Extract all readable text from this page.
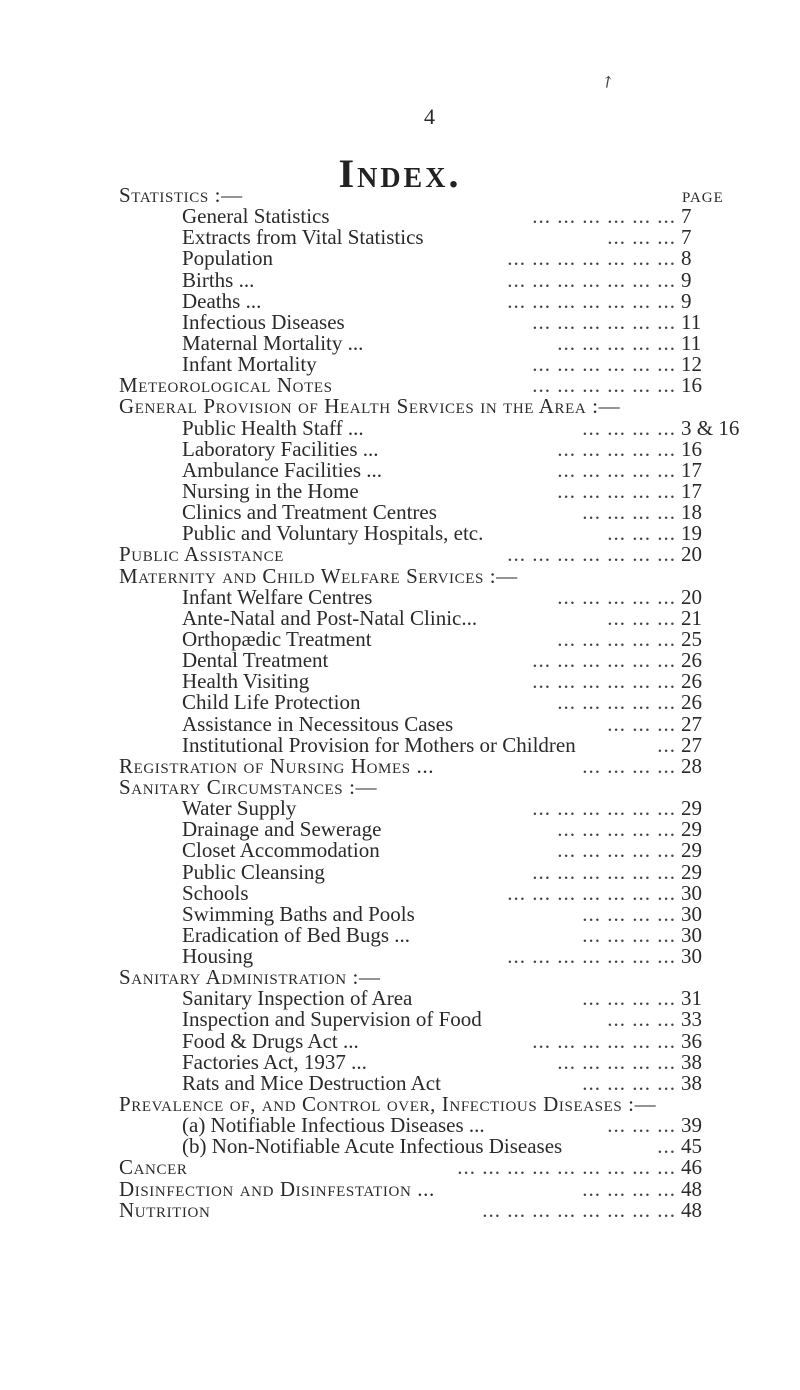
4
↗
Index.	page
Statistics :—
General Statistics	... ... ... ... ... ... 7
Extracts from Vital Statistics	... ... ... 7
Population	... ... ... ... ... ... ... 8
Births ...	... ... ... ... ... ... ... 9
Deaths ...	... ... ... ... ... ... ... 9
Infectious Diseases	... ... ... ... ... ... 11
Maternal Mortality ...	... ... ... ... ... 11
Infant Mortality	... ... ... ... ... ... 12
Meteorological Notes	... ... ... ... ... ... 16
General Provision of Health Services in the Area :—
Public Health Staff ...	... ... ... ... 3 & 16
Laboratory Facilities ...	... ... ... ... ... 16
Ambulance Facilities ...	... ... ... ... ... 17
Nursing in the Home	... ... ... ... ... 17
Clinics and Treatment Centres	... ... ... ... 18
Public and Voluntary Hospitals, etc.	... ... ... 19
Public Assistance	... ... ... ... ... ... ... 20
Maternity and Child Welfare Services :—
Infant Welfare Centres	... ... ... ... ... 20
Ante-Natal and Post-Natal Clinic...	... ... ... 21
Orthopædic Treatment	... ... ... ... ... 25
Dental Treatment	... ... ... ... ... ... 26
Health Visiting	... ... ... ... ... ... 26
Child Life Protection	... ... ... ... ... 26
Assistance in Necessitous Cases	... ... ... 27
Institutional Provision for Mothers or Children	... 27
Registration of Nursing Homes ...	... ... ... ... 28
Sanitary Circumstances :—
Water Supply	... ... ... ... ... ... 29
Drainage and Sewerage	... ... ... ... ... 29
Closet Accommodation	... ... ... ... ... 29
Public Cleansing	... ... ... ... ... ... 29
Schools	... ... ... ... ... ... ... 30
Swimming Baths and Pools	... ... ... ... 30
Eradication of Bed Bugs ...	... ... ... ... 30
Housing	... ... ... ... ... ... ... 30
Sanitary Administration :—
Sanitary Inspection of Area	... ... ... ... 31
Inspection and Supervision of Food	... ... ... 33
Food & Drugs Act ...	... ... ... ... ... ... 36
Factories Act, 1937 ...	... ... ... ... ... 38
Rats and Mice Destruction Act	... ... ... ... 38
Prevalence of, and Control over, Infectious Diseases :—
(a) Notifiable Infectious Diseases ...	... ... ... 39
(b) Non-Notifiable Acute Infectious Diseases	... 45
Cancer	... ... ... ... ... ... ... ... ... 46
Disinfection and Disinfestation ...	... ... ... ... 48
Nutrition	... ... ... ... ... ... ... ... 48
